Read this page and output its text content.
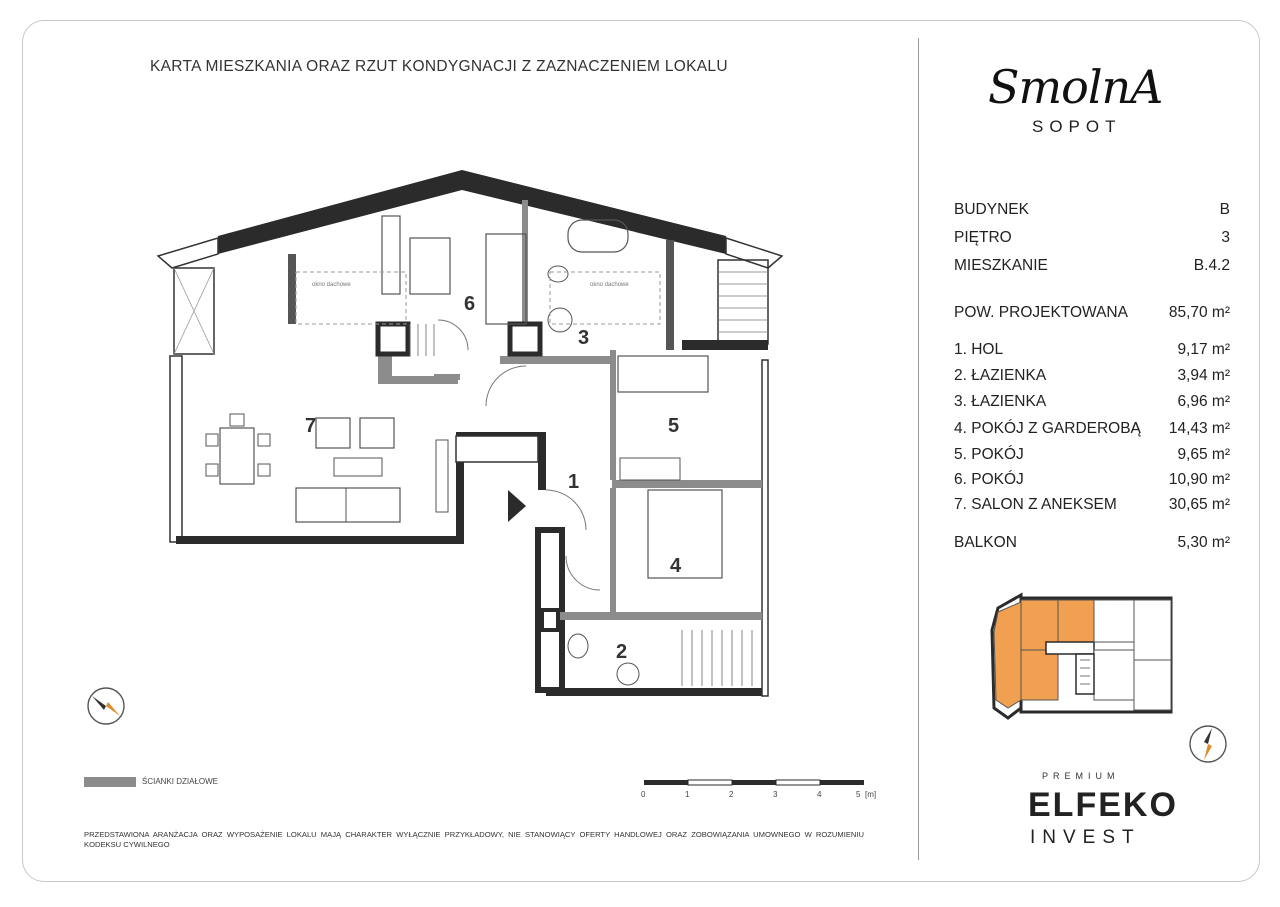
KARTA MIESZKANIA ORAZ RZUT KONDYGNACJI Z ZAZNACZENIEM LOKALU	SmolnA
SOPOT
BUDYNEK	B
PIĘTRO	3
MIESZKANIE	B.4.2
POW. PROJEKTOWANA	85,70 m²
1. HOL	9,17 m²
2. ŁAZIENKA	3,94 m²
3. ŁAZIENKA	6,96 m²
4. POKÓJ Z GARDEROBĄ 14,43 m²
5. POKÓJ	9,65 m²
6. POKÓJ	10,90 m²
7. SALON Z ANEKSEM	30,65 m²
BALKON	5,30 m²
7
1
2
3
4
5
6
okno dachowe	okno dachowe
ŚCIANKI DZIAŁOWE
0	1	2	3	4	5 [m]
PRZEDSTAWIONA ARANŻACJA ORAZ WYPOSAŻENIE LOKALU MAJĄ CHARAKTER WYŁĄCZNIE PRZYKŁADOWY, NIE STANOWIĄCY OFERTY HANDLOWEJ ORAZ ZOBOWIĄZANIA UMOWNEGO W ROZUMIENIU KODEKSU CYWILNEGO
PREMIUM
ELFEKO
INVEST
